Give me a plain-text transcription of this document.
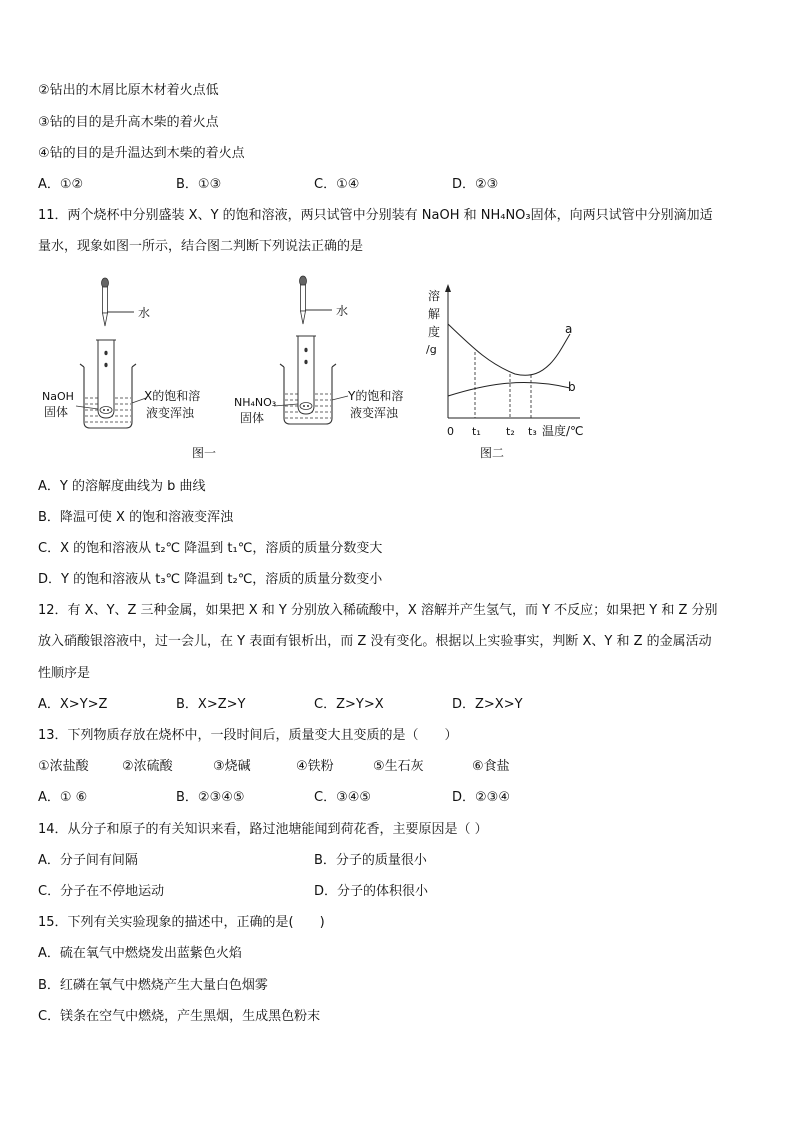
②钻出的木屑比原木材着火点低
③钻的目的是升高木柴的着火点
④钻的目的是升温达到木柴的着火点
A．①②	B．①③	C．①④	D．②③
11．两个烧杯中分别盛装 X、Y 的饱和溶液，两只试管中分别装有 NaOH 和 NH₄NO₃固体，向两只试管中分别滴加适
量水，现象如图一所示，结合图二判断下列说法正确的是
水
NaOH
固体
X的饱和溶
液变浑浊
水
NH₄NO₃
固体
Y的饱和溶
液变浑浊
图一
溶
解
度
/g
a
b
0 t₁ t₂ t₃ 温度/℃
图二
A．Y 的溶解度曲线为 b 曲线
B．降温可使 X 的饱和溶液变浑浊
C．X 的饱和溶液从 t₂℃ 降温到 t₁℃，溶质的质量分数变大
D．Y 的饱和溶液从 t₃℃ 降温到 t₂℃，溶质的质量分数变小
12．有 X、Y、Z 三种金属，如果把 X 和 Y 分别放入稀硫酸中，X 溶解并产生氢气，而 Y 不反应；如果把 Y 和 Z 分别
放入硝酸银溶液中，过一会儿，在 Y 表面有银析出，而 Z 没有变化。根据以上实验事实，判断 X、Y 和 Z 的金属活动
性顺序是
A．X>Y>Z	B．X>Z>Y	C．Z>Y>X	D．Z>X>Y
13．下列物质存放在烧杯中，一段时间后，质量变大且变质的是（　　）
①浓盐酸	②浓硫酸	③烧碱	④铁粉	⑤生石灰	⑥食盐
A．① ⑥	B．②③④⑤	C．③④⑤	D．②③④
14．从分子和原子的有关知识来看，路过池塘能闻到荷花香，主要原因是（ ）
A．分子间有间隔	B．分子的质量很小
C．分子在不停地运动	D．分子的体积很小
15．下列有关实验现象的描述中，正确的是(　　)
A．硫在氧气中燃烧发出蓝紫色火焰
B．红磷在氧气中燃烧产生大量白色烟雾
C．镁条在空气中燃烧，产生黑烟，生成黑色粉末
